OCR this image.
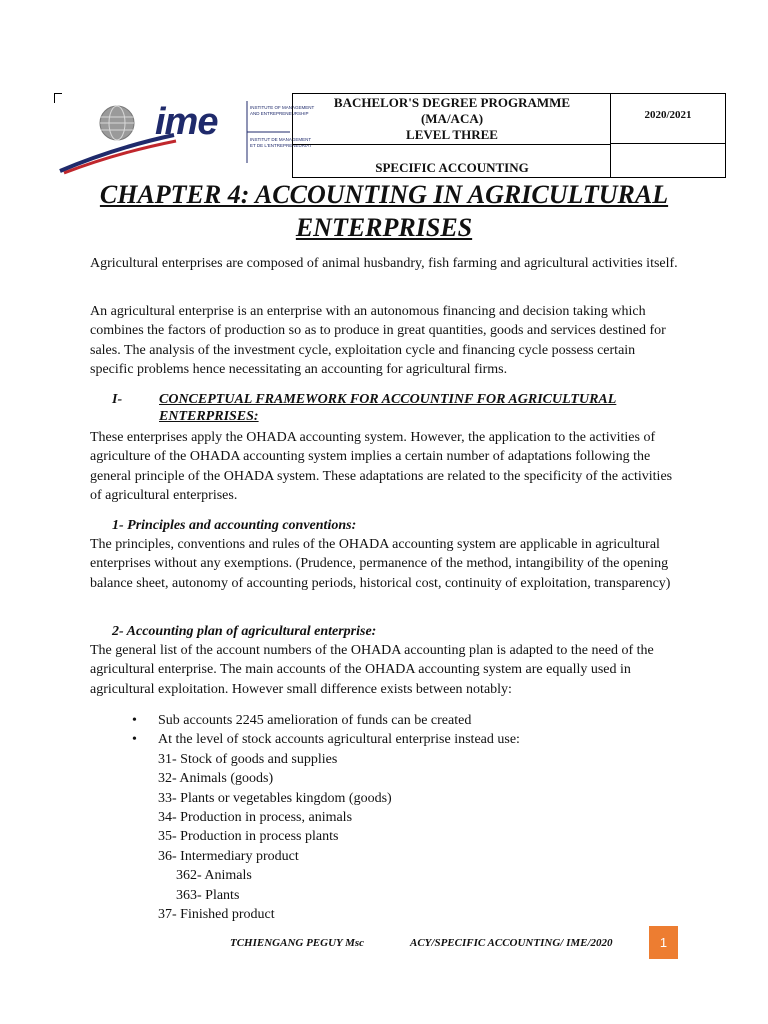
INSTITUTE OF MANAGEMENT
AND ENTREPRENEURSHIP
INSTITUT DE MANAGEMENT
ET DE L'ENTREPRENEURIAT
ime	BACHELOR'S DEGREE PROGRAMME
(MA/ACA)
LEVEL THREE
SPECIFIC ACCOUNTING
2020/2021
CHAPTER 4: ACCOUNTING IN AGRICULTURAL
ENTERPRISES

Agricultural enterprises are composed of animal husbandry, fish farming and agricultural activities itself.

An agricultural enterprise is an enterprise with an autonomous financing and decision taking which combines the factors of production so as to produce in great quantities, goods and services destined for sales. The analysis of the investment cycle, exploitation cycle and financing cycle possess certain specific problems hence necessitating an accounting for agricultural firms.

I-	CONCEPTUAL FRAMEWORK FOR ACCOUNTINF FOR AGRICULTURAL ENTERPRISES:

These enterprises apply the OHADA accounting system. However, the application to the activities of agriculture of the OHADA accounting system implies a certain number of adaptations following the general principle of the OHADA system. These adaptations are related to the specificity of the activities of agricultural enterprises.

1- Principles and accounting conventions:

The principles, conventions and rules of the OHADA accounting system are applicable in agricultural enterprises without any exemptions. (Prudence, permanence of the method, intangibility of the opening balance sheet, autonomy of accounting periods, historical cost, continuity of exploitation, transparency)

2- Accounting plan of agricultural enterprise:

The general list of the account numbers of the OHADA accounting plan is adapted to the need of the agricultural enterprise. The main accounts of the OHADA accounting system are equally used in agricultural exploitation. However small difference exists between notably:

• Sub accounts 2245 amelioration of funds can be created
• At the level of stock accounts agricultural enterprise instead use:
31- Stock of goods and supplies
32- Animals (goods)
33- Plants or vegetables kingdom (goods)
34- Production in process, animals
35- Production in process plants
36- Intermediary product
362- Animals
363- Plants
37- Finished product
TCHIENGANG PEGUY Msc	ACY/SPECIFIC ACCOUNTING/ IME/2020	1
